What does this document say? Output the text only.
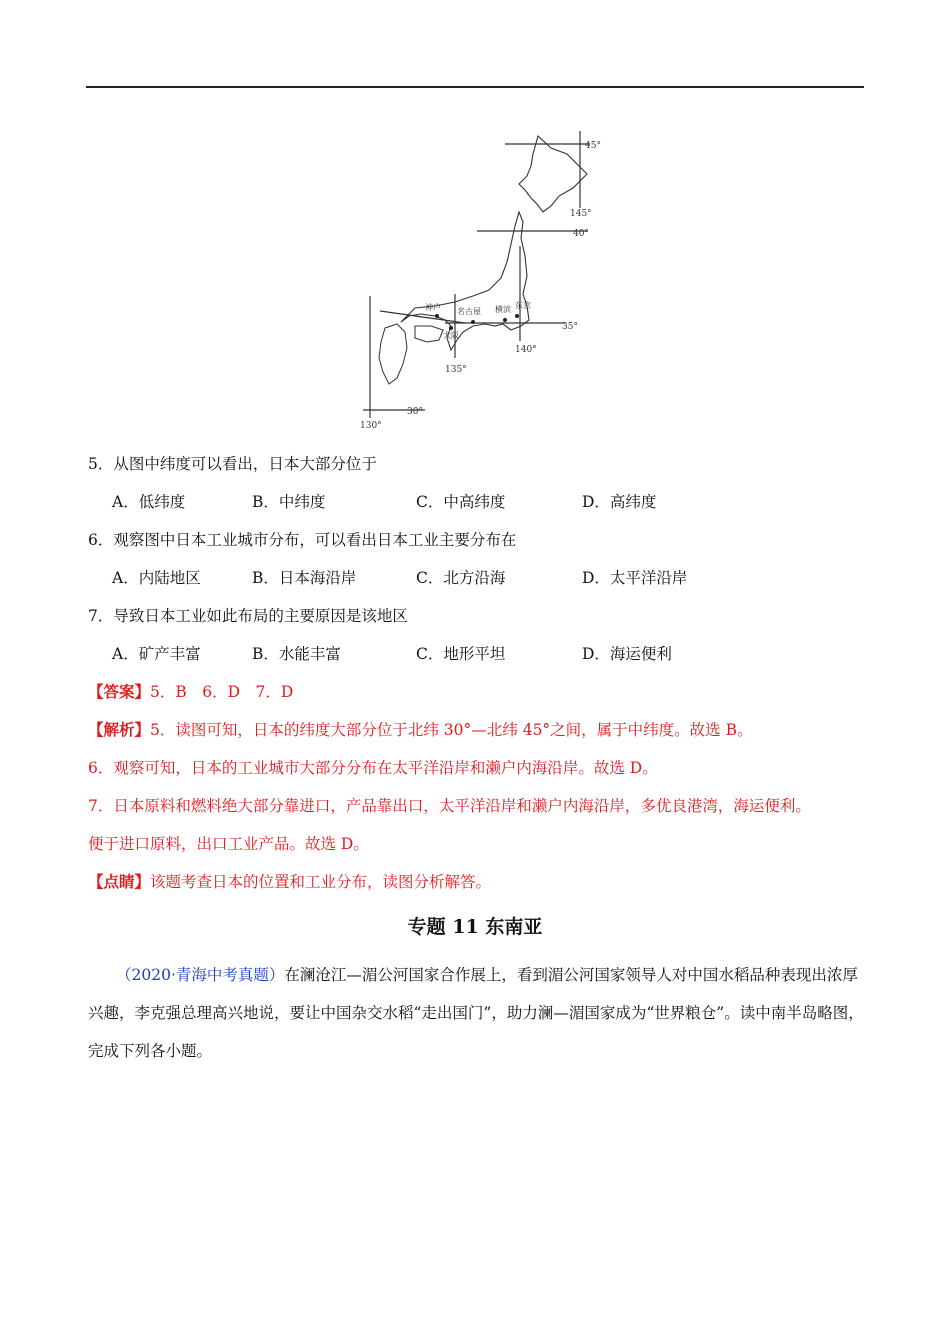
45°
145°
40°
35°
140°
135°
30°
130°
名古屋 横滨 东京
神户
大阪
5．从图中纬度可以看出，日本大部分位于
A．低纬度	B．中纬度	C．中高纬度	D．高纬度
6．观察图中日本工业城市分布，可以看出日本工业主要分布在
A．内陆地区	B．日本海沿岸	C．北方沿海	D．太平洋沿岸
7．导致日本工业如此布局的主要原因是该地区
A．矿产丰富	B．水能丰富	C．地形平坦	D．海运便利
【答案】5．B　6．D　7．D
【解析】5．读图可知，日本的纬度大部分位于北纬 30°—北纬 45°之间，属于中纬度。故选 B。
6．观察可知，日本的工业城市大部分分布在太平洋沿岸和濑户内海沿岸。故选 D。
7．日本原料和燃料绝大部分靠进口，产品靠出口，太平洋沿岸和濑户内海沿岸，多优良港湾，海运便利。
便于进口原料，出口工业产品。故选 D。
【点睛】该题考查日本的位置和工业分布，读图分析解答。
专题 11 东南亚
（2020·青海中考真题）在澜沧江—湄公河国家合作展上，看到湄公河国家领导人对中国水稻品种表现出浓厚兴趣，李克强总理高兴地说，要让中国杂交水稻“走出国门”，助力澜—湄国家成为“世界粮仓”。读中南半岛略图，完成下列各小题。
